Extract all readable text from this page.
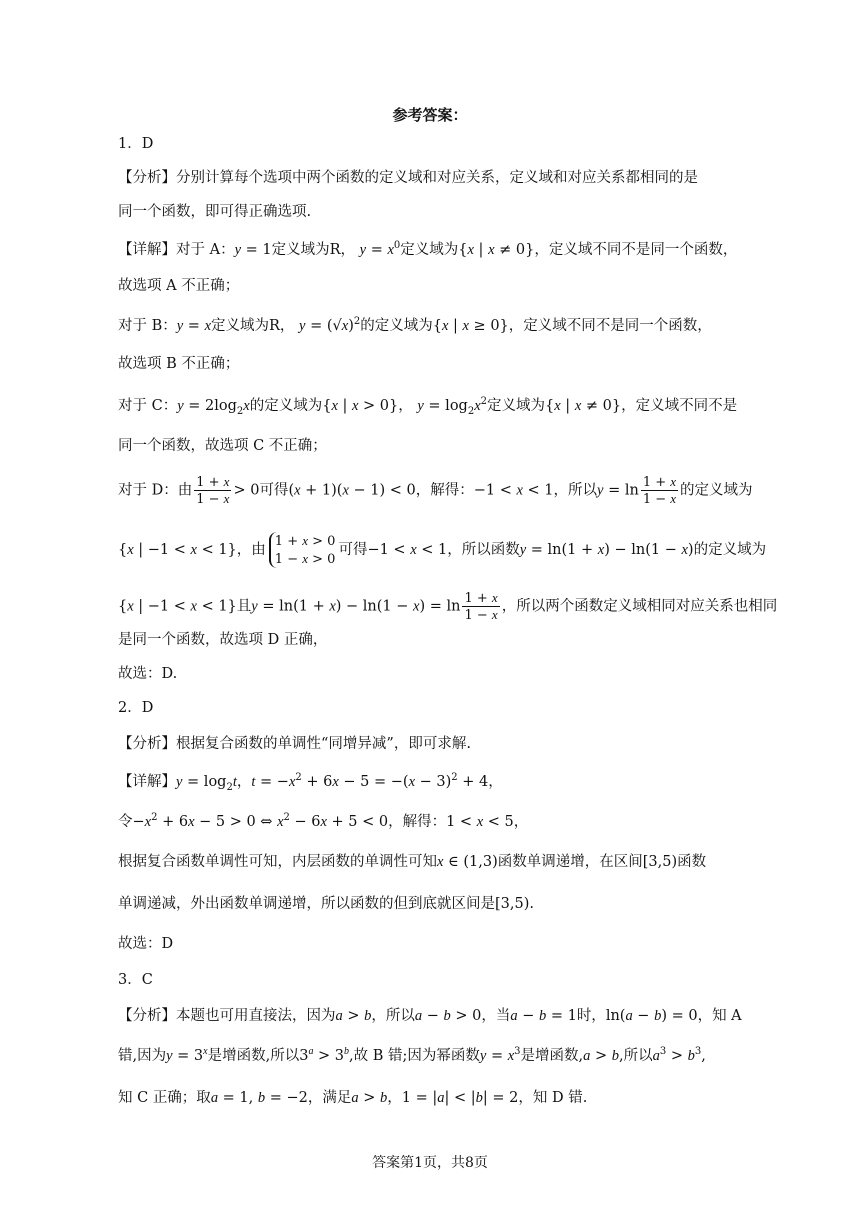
参考答案：
1．D
【分析】分别计算每个选项中两个函数的定义域和对应关系，定义域和对应关系都相同的是
同一个函数，即可得正确选项.
【详解】对于 A：y = 1定义域为R， $y = x^0$定义域为{x | x ≠ 0}，定义域不同不是同一个函数，
故选项 A 不正确；
对于 B：y = x定义域为R， $y = (√x)^2$的定义域为{x | x ≥ 0}，定义域不同不是同一个函数，
故选项 B 不正确；
对于 C：$y = 2\log_2x$的定义域为{x | x > 0}， $y = \log_2x^2$定义域为{x | x ≠ 0}，定义域不同不是
同一个函数，故选项 C 不正确；
对于 D：由 $\frac{1 + x}{1 - x} > 0$可得(x + 1)(x − 1) < 0，解得：−1 < x < 1，所以$y = \ln \frac{1 + x}{1 - x}$ 的定义域为
{x | −1 < x < 1}，由
1 + x > 0
1 − x > 0
可得−1 < x < 1，所以函数y = ln(1 + x) − ln(1 − x)的定义域为
{x | −1 < x < 1}且$y = \ln(1 + x) - \ln(1 - x) = \ln \frac{1 + x}{1 - x}$ ，所以两个函数定义域相同对应关系也相同
是同一个函数，故选项 D 正确，
故选：D.
2．D
【分析】根据复合函数的单调性“同增异减”，即可求解.
【详解】$y = \log_2t$，$t = -x^2 + 6x - 5 = -(x - 3)^2 + 4$，
令$-x^2 + 6x - 5 > 0$ ⇔ $x^2 - 6x + 5 < 0$，解得：1 < x < 5，
根据复合函数单调性可知，内层函数的单调性可知x ∈ (1,3)函数单调递增，在区间[3,5)函数
单调递减，外出函数单调递增，所以函数的但到底就区间是[3,5).
故选：D
3．C
【分析】本题也可用直接法，因为a > b，所以a − b > 0，当a − b = 1时，ln(a − b) = 0，知 A
错,因为$y = 3^x$是增函数,所以$3^a > 3^b$,故 B 错;因为幂函数$y = x^3$是增函数,a > b,所以$a^3 > b^3$,
知 C 正确；取a = 1, b = −2，满足a > b，1 = |a| < |b| = 2，知 D 错.
答案第1页，共8页
